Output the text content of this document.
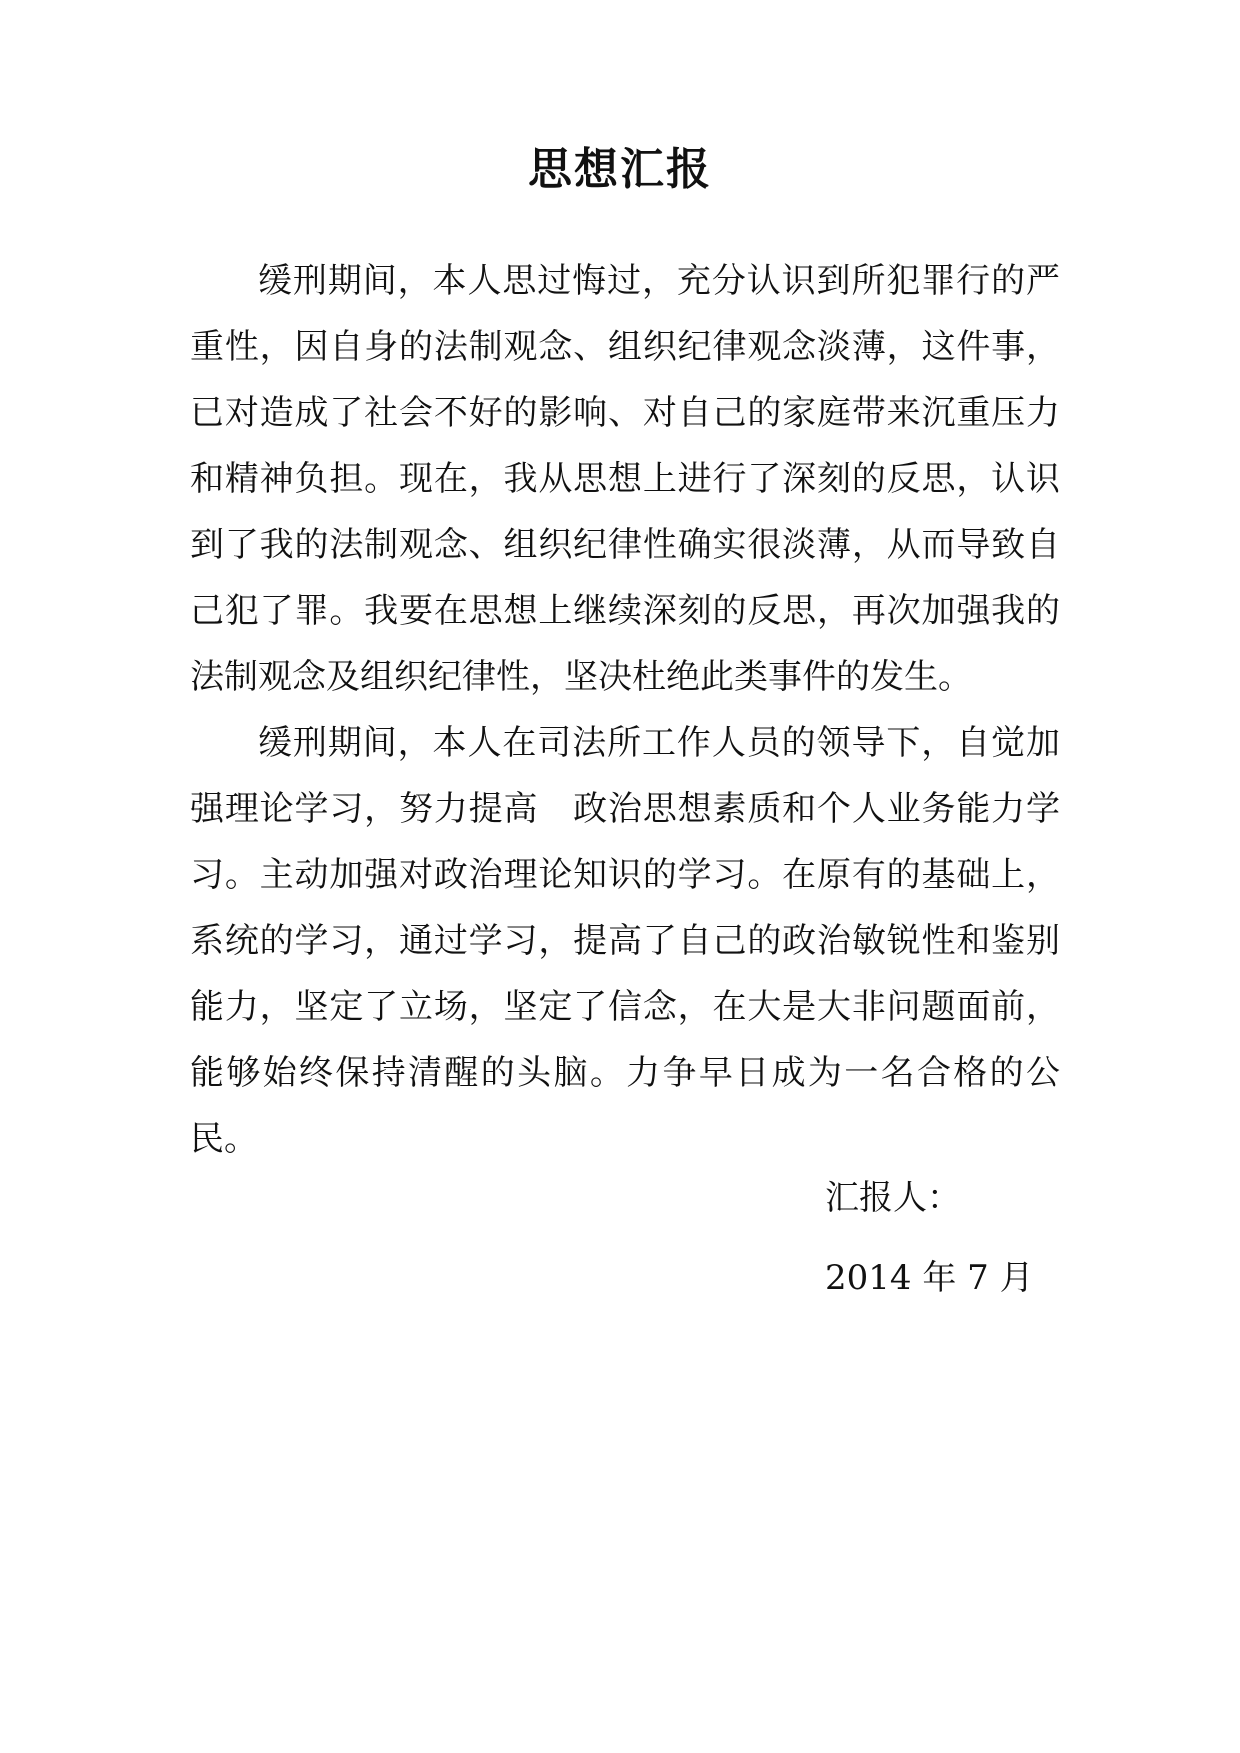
思想汇报

缓刑期间，本人思过悔过，充分认识到所犯罪行的严重性，因自身的法制观念、组织纪律观念淡薄，这件事，已对造成了社会不好的影响、对自己的家庭带来沉重压力和精神负担。现在，我从思想上进行了深刻的反思，认识到了我的法制观念、组织纪律性确实很淡薄，从而导致自己犯了罪。我要在思想上继续深刻的反思，再次加强我的法制观念及组织纪律性，坚决杜绝此类事件的发生。

缓刑期间，本人在司法所工作人员的领导下，自觉加强理论学习，努力提高　政治思想素质和个人业务能力学习。主动加强对政治理论知识的学习。在原有的基础上，系统的学习，通过学习，提高了自己的政治敏锐性和鉴别能力，坚定了立场，坚定了信念，在大是大非问题面前，能够始终保持清醒的头脑。力争早日成为一名合格的公民。

汇报人：

2014 年 7 月
